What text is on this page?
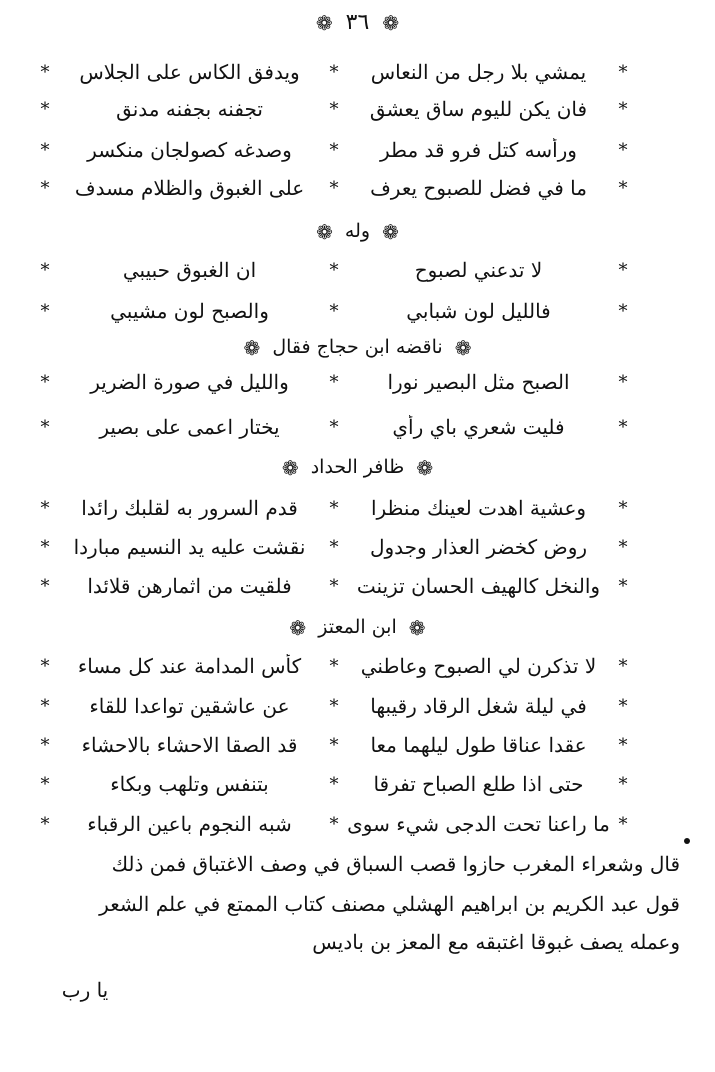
❁ ٣٦ ❁
*
يمشي بلا رجل من النعاس
*
ويدفق الكاس على الجلاس
*
*
فان يكن لليوم ساق يعشق
*
تجفنه بجفنه مدنق
*
*
ورأسه كتل فرو قد مطر
*
وصدغه كصولجان منكسر
*
*
ما في فضل للصبوح يعرف
*
على الغبوق والظلام مسدف
*
❁ وله ❁
*
لا تدعني لصبوح
*
ان الغبوق حبيبي
*
*
فالليل لون شبابي
*
والصبح لون مشيبي
*
❁ ناقضه ابن حجاج فقال ❁
*
الصبح مثل البصير نورا
*
والليل في صورة الضرير
*
*
فليت شعري باي رأي
*
يختار اعمى على بصير
*
❁ ظافر الحداد ❁
*
وعشية اهدت لعينك منظرا
*
قدم السرور به لقلبك رائدا
*
*
روض كخضر العذار وجدول
*
نقشت عليه يد النسيم مباردا
*
*
والنخل كالهيف الحسان تزينت
*
فلقيت من اثمارهن قلائدا
*
❁ ابن المعتز ❁
*
لا تذكرن لي الصبوح وعاطني
*
كأس المدامة عند كل مساء
*
*
في ليلة شغل الرقاد رقيبها
*
عن عاشقين تواعدا للقاء
*
*
عقدا عناقا طول ليلهما معا
*
قد الصقا الاحشاء بالاحشاء
*
*
حتى اذا طلع الصباح تفرقا
*
بتنفس وتلهب وبكاء
*
*
ما راعنا تحت الدجى شيء سوى
*
شبه النجوم باعين الرقباء
*
قال وشعراء المغرب حازوا قصب السباق في وصف الاغتباق فمن ذلك
قول عبد الكريم بن ابراهيم الهشلي مصنف كتاب الممتع في علم الشعر
وعمله يصف غبوقا اغتبقه مع المعز بن باديس
يا رب
